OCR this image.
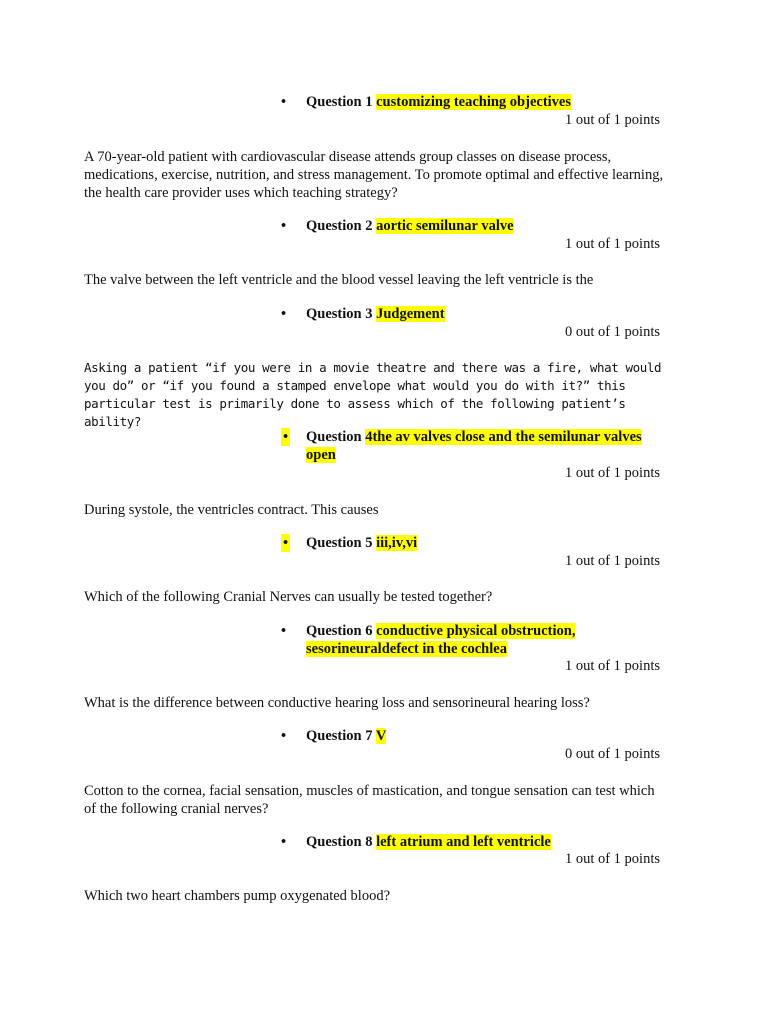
• Question 1 customizing teaching objectives
1 out of 1 points
A 70-year-old patient with cardiovascular disease attends group classes on disease process, medications, exercise, nutrition, and stress management. To promote optimal and effective learning, the health care provider uses which teaching strategy?
• Question 2 aortic semilunar valve
1 out of 1 points
The valve between the left ventricle and the blood vessel leaving the left ventricle is the
• Question 3 Judgement
0 out of 1 points
Asking a patient “if you were in a movie theatre and there was a fire, what would you do” or “if you found a stamped envelope what would you do with it?” this particular test is primarily done to assess which of the following patient’s ability?
• Question 4the av valves close and the semilunar valves open
1 out of 1 points
During systole, the ventricles contract. This causes
• Question 5 iii,iv,vi
1 out of 1 points
Which of the following Cranial Nerves can usually be tested together?
• Question 6 conductive physical obstruction, sesorineuraldefect in the cochlea
1 out of 1 points
What is the difference between conductive hearing loss and sensorineural hearing loss?
• Question 7 V
0 out of 1 points
Cotton to the cornea, facial sensation, muscles of mastication, and tongue sensation can test which of the following cranial nerves?
• Question 8 left atrium and left ventricle
1 out of 1 points
Which two heart chambers pump oxygenated blood?
